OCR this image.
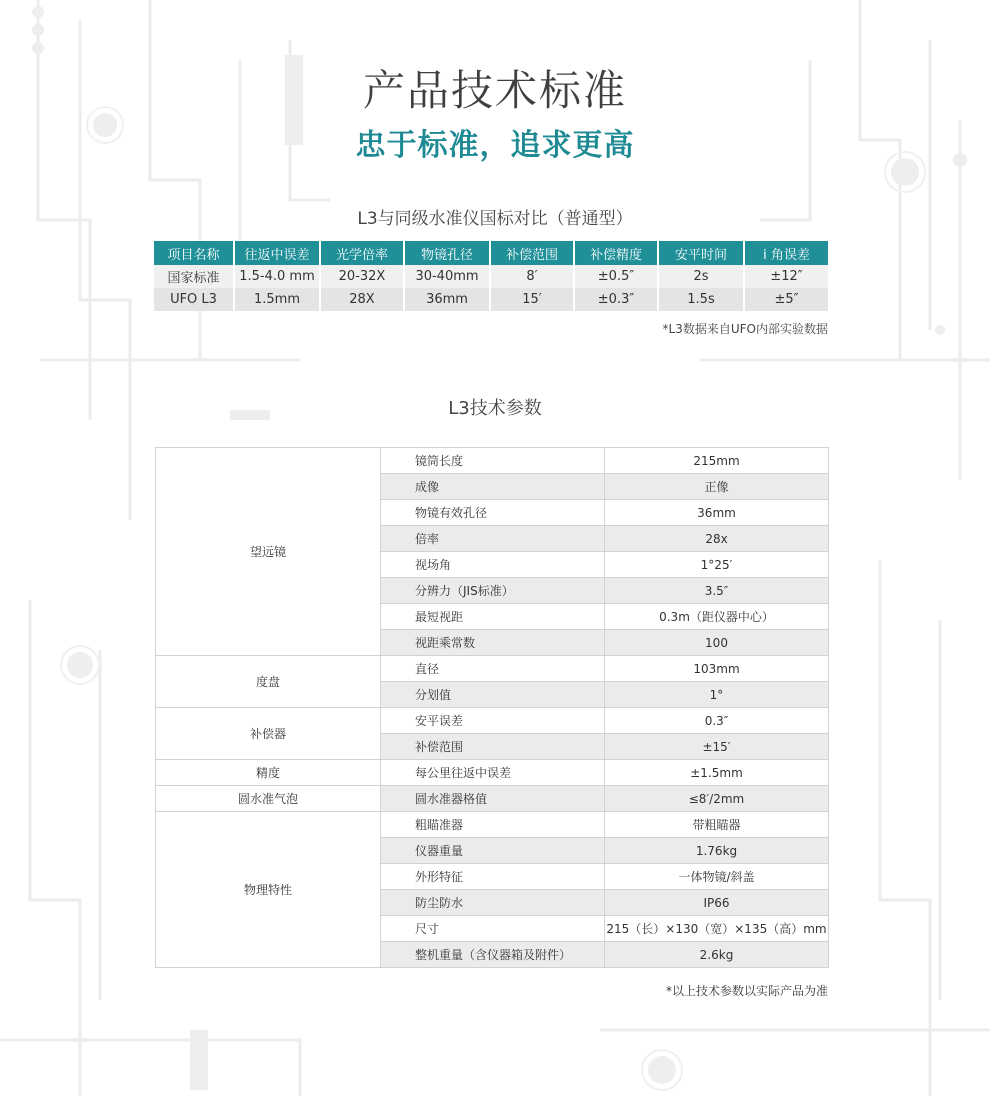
产品技术标准
忠于标准，追求更高
L3与同级水准仪国标对比（普通型）
项目名称	往返中误差	光学倍率	物镜孔径	补偿范围	补偿精度	安平时间	i 角误差
国家标准	1.5-4.0 mm	20-32X	30-40mm	8′	±0.5″	2s	±12″
UFO L3	1.5mm	28X	36mm	15′	±0.3″	1.5s	±5″
*L3数据来自UFO内部实验数据
L3技术参数
望远镜	镜筒长度	215mm
	成像	正像
	物镜有效孔径	36mm
	倍率	28x
	视场角	1°25′
	分辨力（JIS标准）	3.5″
	最短视距	0.3m（距仪器中心）
	视距乘常数	100
度盘	直径	103mm
	分划值	1°
补偿器	安平误差	0.3″
	补偿范围	±15′
精度	每公里往返中误差	±1.5mm
圆水准气泡	圆水准器格值	≤8′/2mm
物理特性	粗瞄准器	带粗瞄器
	仪器重量	1.76kg
	外形特征	一体物镜/斜盖
	防尘防水	IP66
	尺寸	215（长）×130（宽）×135（高）mm
	整机重量（含仪器箱及附件）	2.6kg
*以上技术参数以实际产品为准
